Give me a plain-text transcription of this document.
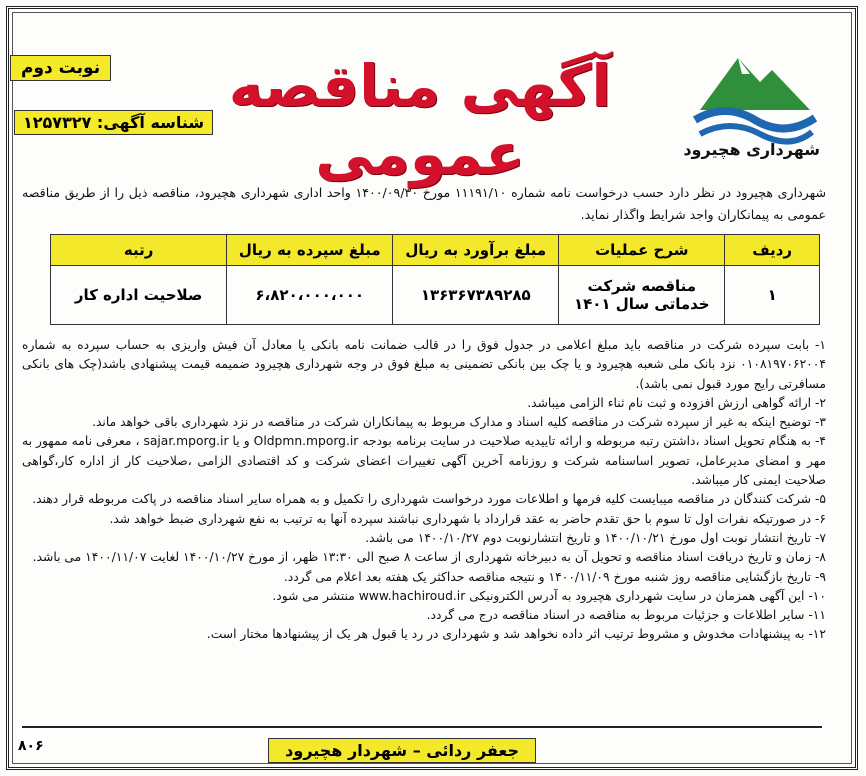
شهرداری هچیرود
آگهی مناقصه عمومی
نوبت دوم
شناسه آگهی: ۱۲۵۷۳۲۷
شهرداری هچیرود در نظر دارد حسب درخواست نامه شماره ۱۱۱۹۱/۱۰ مورخ ۱۴۰۰/۰۹/۳۰ واحد اداری شهرداری هچیرود، مناقصه ذیل را از طریق مناقصه عمومی به پیمانکاران واجد شرایط واگذار نماید.
ردیف	شرح عملیات	مبلغ برآورد به ریال	مبلغ سپرده به ریال	رتبه
۱	مناقصه شرکت خدماتی سال ۱۴۰۱	۱۳۶۳۶۷۳۸۹۲۸۵	۶،۸۲۰،۰۰۰،۰۰۰	صلاحیت اداره کار

۱- بابت سپرده شرکت در مناقصه باید مبلغ اعلامی در جدول فوق را در قالب ضمانت نامه بانکی یا معادل آن فیش واریزی به حساب سپرده به شماره ۰۱۰۸۱۹۷۰۶۲۰۰۴ نزد بانک ملی شعبه هچیرود و یا چک بین بانکی تضمینی به مبلغ فوق در وجه شهرداری هچیرود ضمیمه قیمت پیشنهادی باشد(چک های بانکی مسافرتی رایج مورد قبول نمی باشد).

۲- ارائه گواهی ارزش افزوده و ثبت نام ثناء الزامی میباشد.

۳- توضیح اینکه به غیر از سپرده شرکت در مناقصه کلیه اسناد و مدارک مربوط به پیمانکاران شرکت در مناقصه در نزد شهرداری باقی خواهد ماند.

۴- به هنگام تحویل اسناد ،داشتن رتبه مربوطه و ارائه تاییدیه صلاحیت در سایت برنامه بودجه Oldpmn.mporg.ir و یا sajar.mporg.ir ، معرفی نامه ممهور به مهر و امضای مدیرعامل، تصویر اساسنامه شرکت و روزنامه آخرین آگهی تغییرات اعضای شرکت و کد اقتصادی الزامی ،صلاحیت کار از اداره کار،گواهی صلاحیت ایمنی کار میباشد.

۵- شرکت کنندگان در مناقصه میبایست کلیه فرمها و اطلاعات مورد درخواست شهرداری را تکمیل و به همراه سایر اسناد مناقصه در پاکت مربوطه قرار دهند.

۶- در صورتیکه نفرات اول تا سوم با حق تقدم حاضر به عقد قرارداد با شهرداری نباشند سپرده آنها به ترتیب به نفع شهرداری ضبط خواهد شد.

۷- تاریخ انتشار نوبت اول مورخ ۱۴۰۰/۱۰/۲۱ و تاریخ انتشارنوبت دوم ۱۴۰۰/۱۰/۲۷ می باشد.

۸- زمان و تاریخ دریافت اسناد مناقصه و تحویل آن به دبیرخانه شهرداری از ساعت ۸ صبح الی ۱۳:۳۰ ظهر، از مورخ ۱۴۰۰/۱۰/۲۷ لغایت ۱۴۰۰/۱۱/۰۷ می باشد.

۹- تاریخ بازگشایی مناقصه روز شنبه مورخ ۱۴۰۰/۱۱/۰۹ و نتیجه مناقصه حداکثر یک هفته بعد اعلام می گردد.

۱۰- این آگهی همزمان در سایت شهرداری هچیرود به آدرس الکترونیکی www.hachiroud.ir منتشر می شود.

۱۱- سایر اطلاعات و جزئیات مربوط به مناقصه در اسناد مناقصه درج می گردد.

۱۲- به پیشنهادات مخدوش و مشروط ترتیب اثر داده نخواهد شد و شهرداری در رد یا قبول هر یک از پیشنهادها مختار است.

جعفر ردائی – شهردار هچیرود
۸۰۶
